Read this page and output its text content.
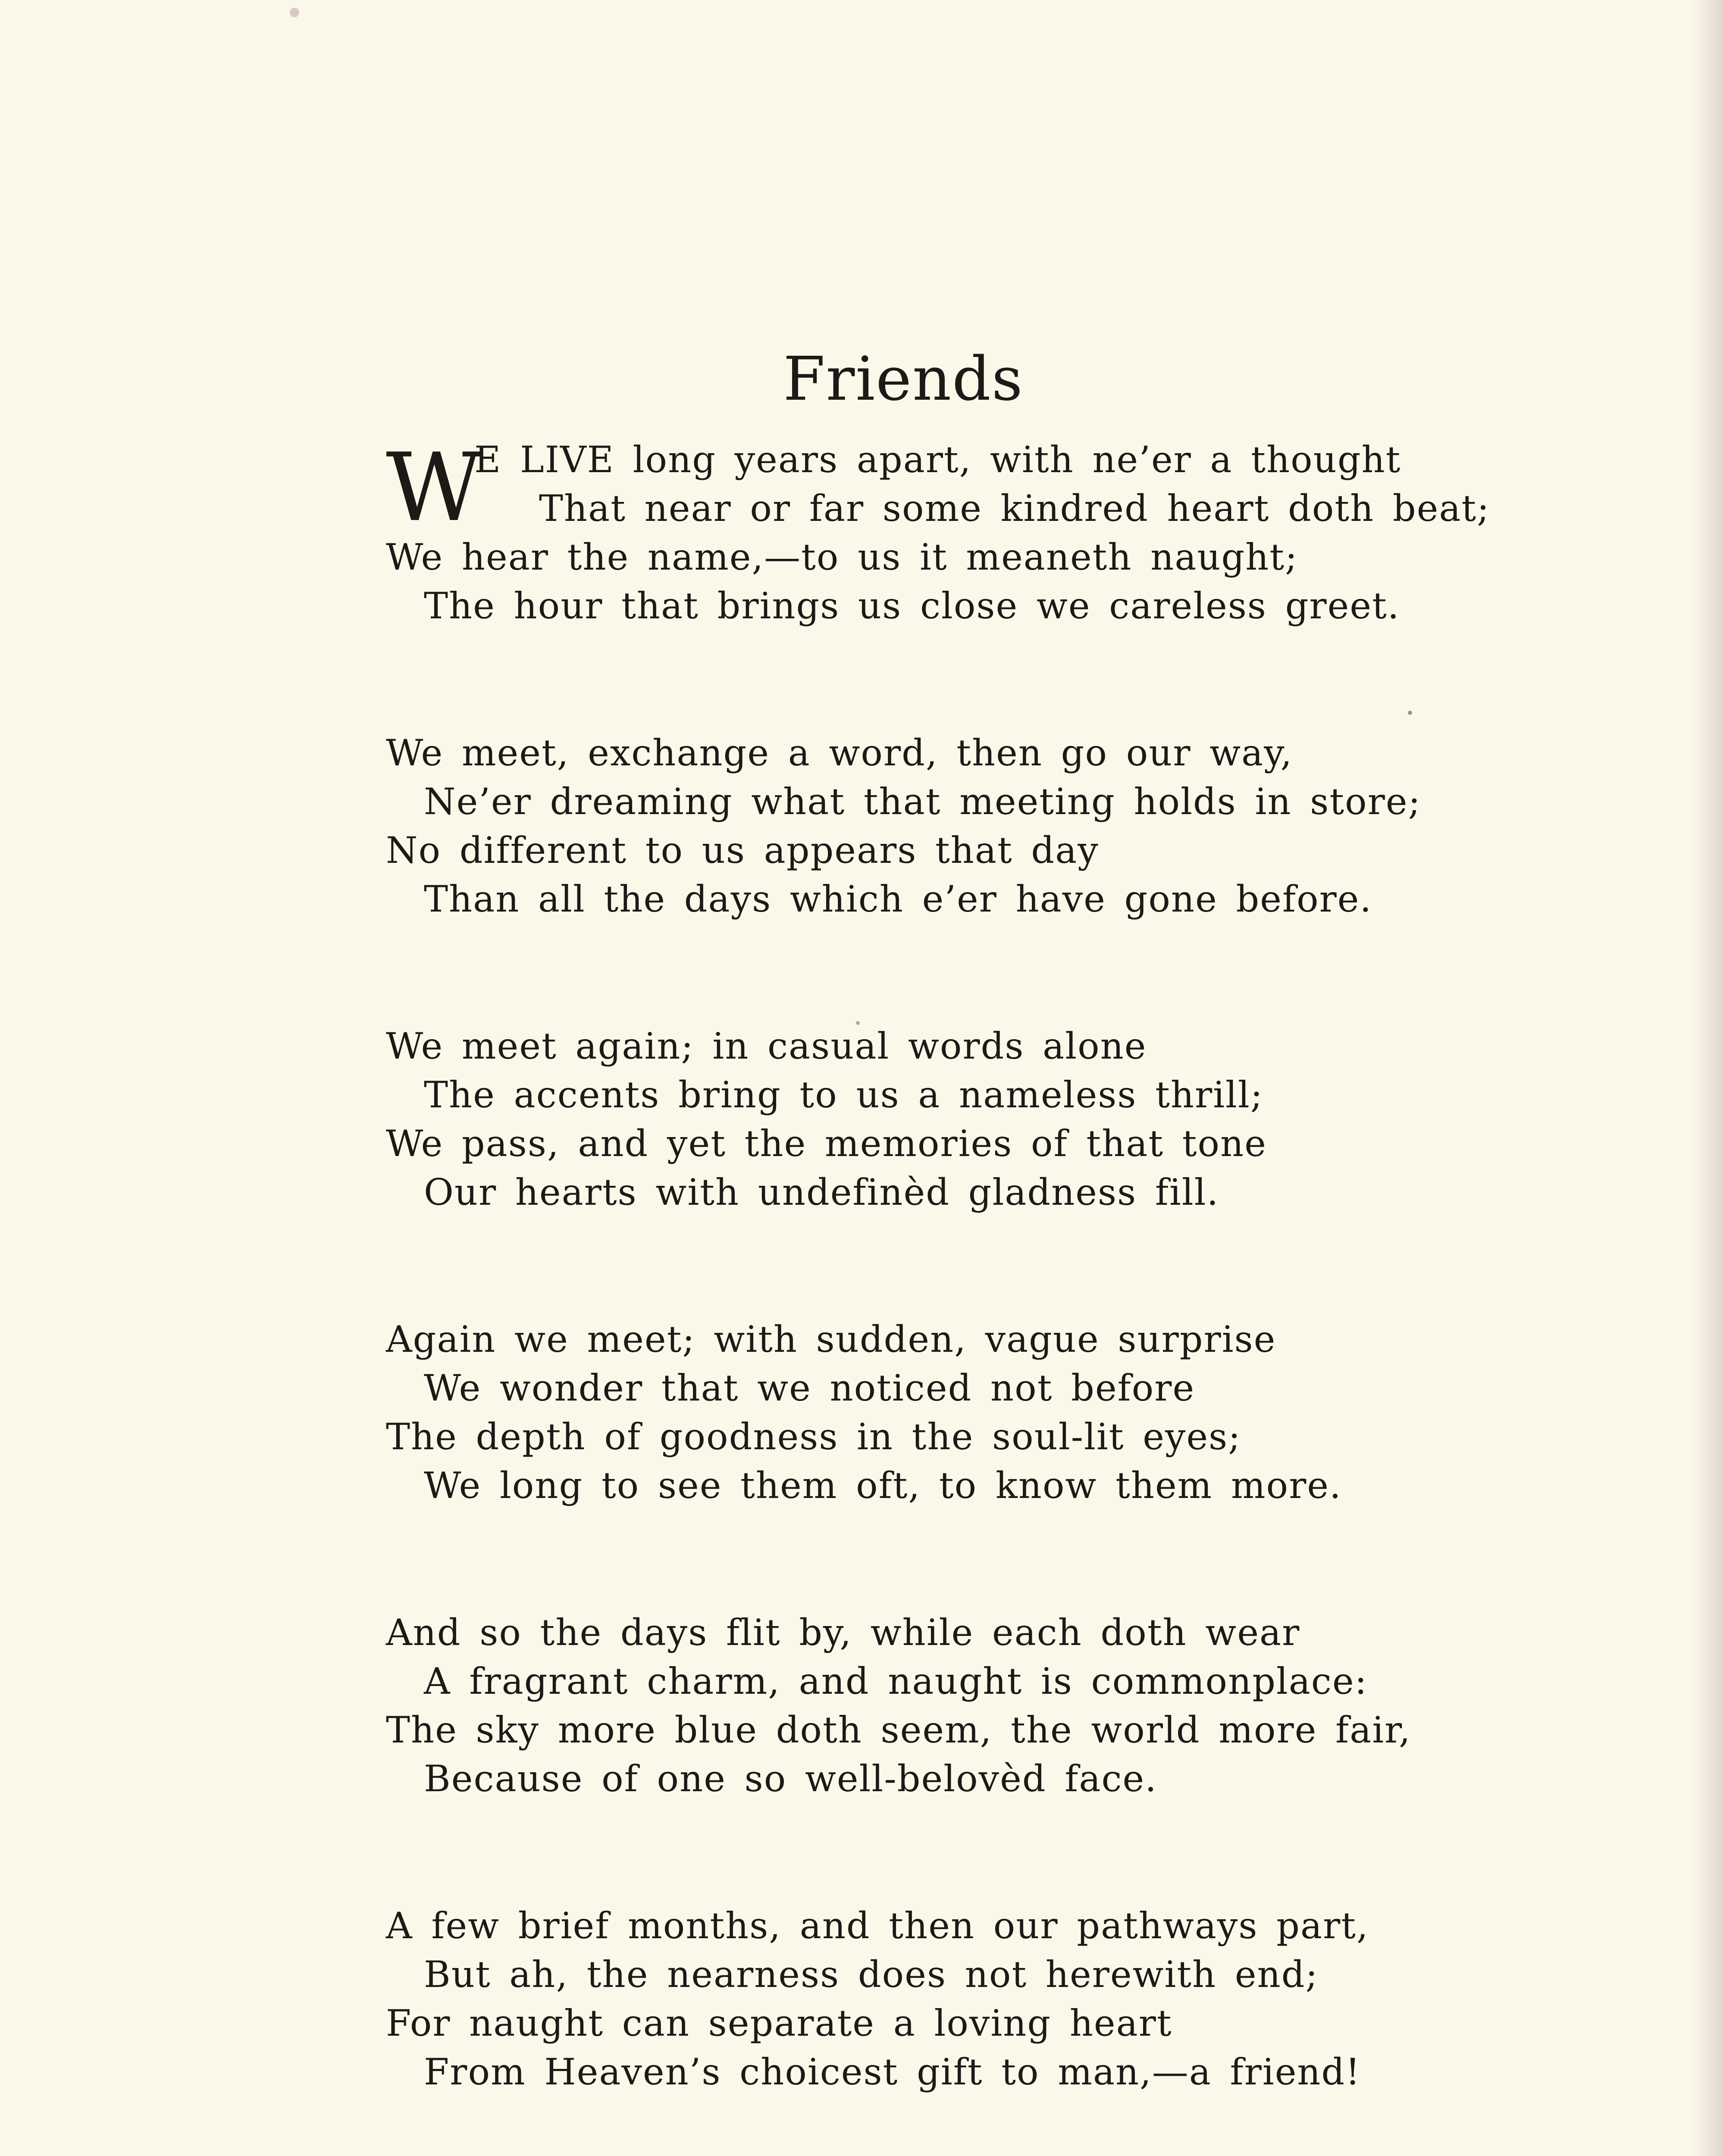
Friends
W
E LIVE long years apart, with ne’er a thought
That near or far some kindred heart doth beat;
We hear the name,—to us it meaneth naught;
The hour that brings us close we careless greet.
We meet, exchange a word, then go our way,
Ne’er dreaming what that meeting holds in store;
No different to us appears that day
Than all the days which e’er have gone before.
We meet again; in casual words alone
The accents bring to us a nameless thrill;
We pass, and yet the memories of that tone
Our hearts with undefinèd gladness fill.
Again we meet; with sudden, vague surprise
We wonder that we noticed not before
The depth of goodness in the soul-lit eyes;
We long to see them oft, to know them more.
And so the days flit by, while each doth wear
A fragrant charm, and naught is commonplace:
The sky more blue doth seem, the world more fair,
Because of one so well-belovèd face.
A few brief months, and then our pathways part,
But ah, the nearness does not herewith end;
For naught can separate a loving heart
From Heaven’s choicest gift to man,—a friend!
